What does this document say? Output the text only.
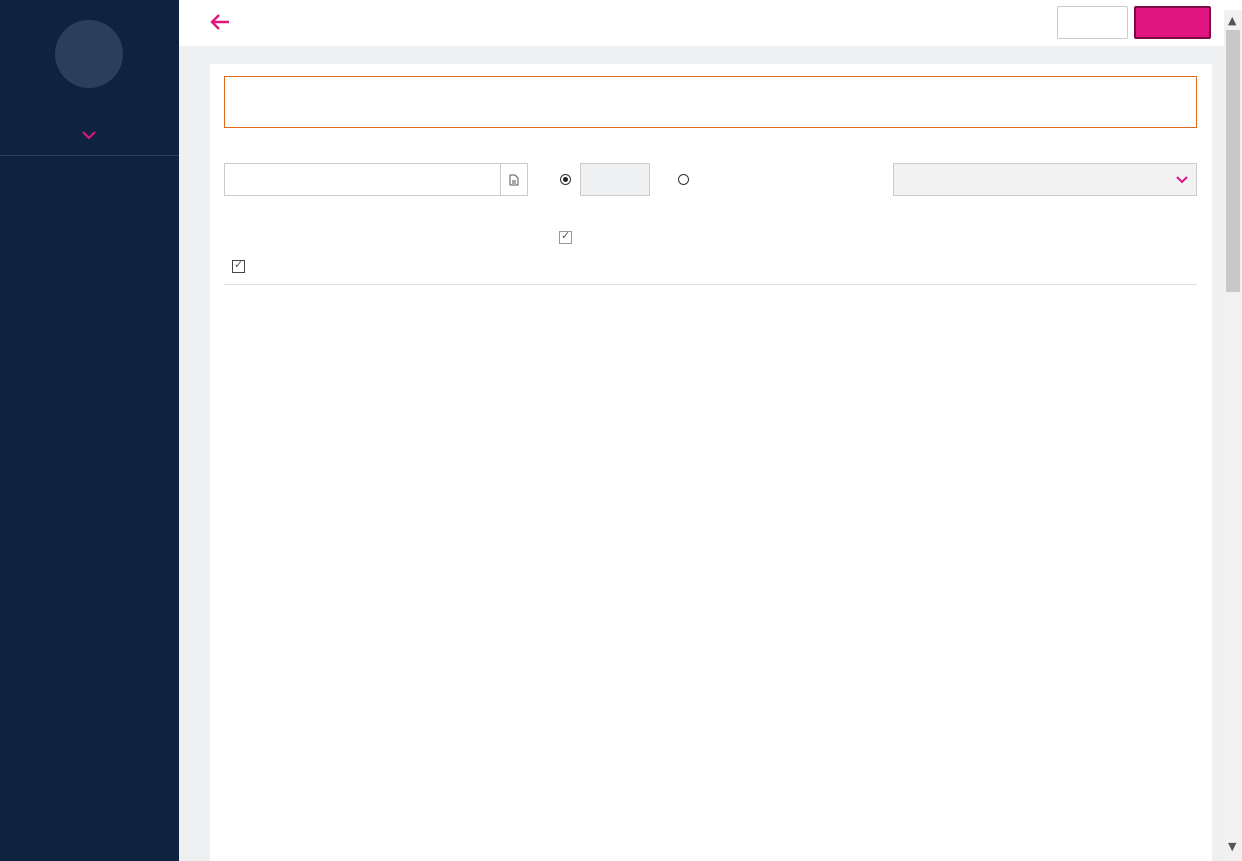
▲
▼
✓
✓
